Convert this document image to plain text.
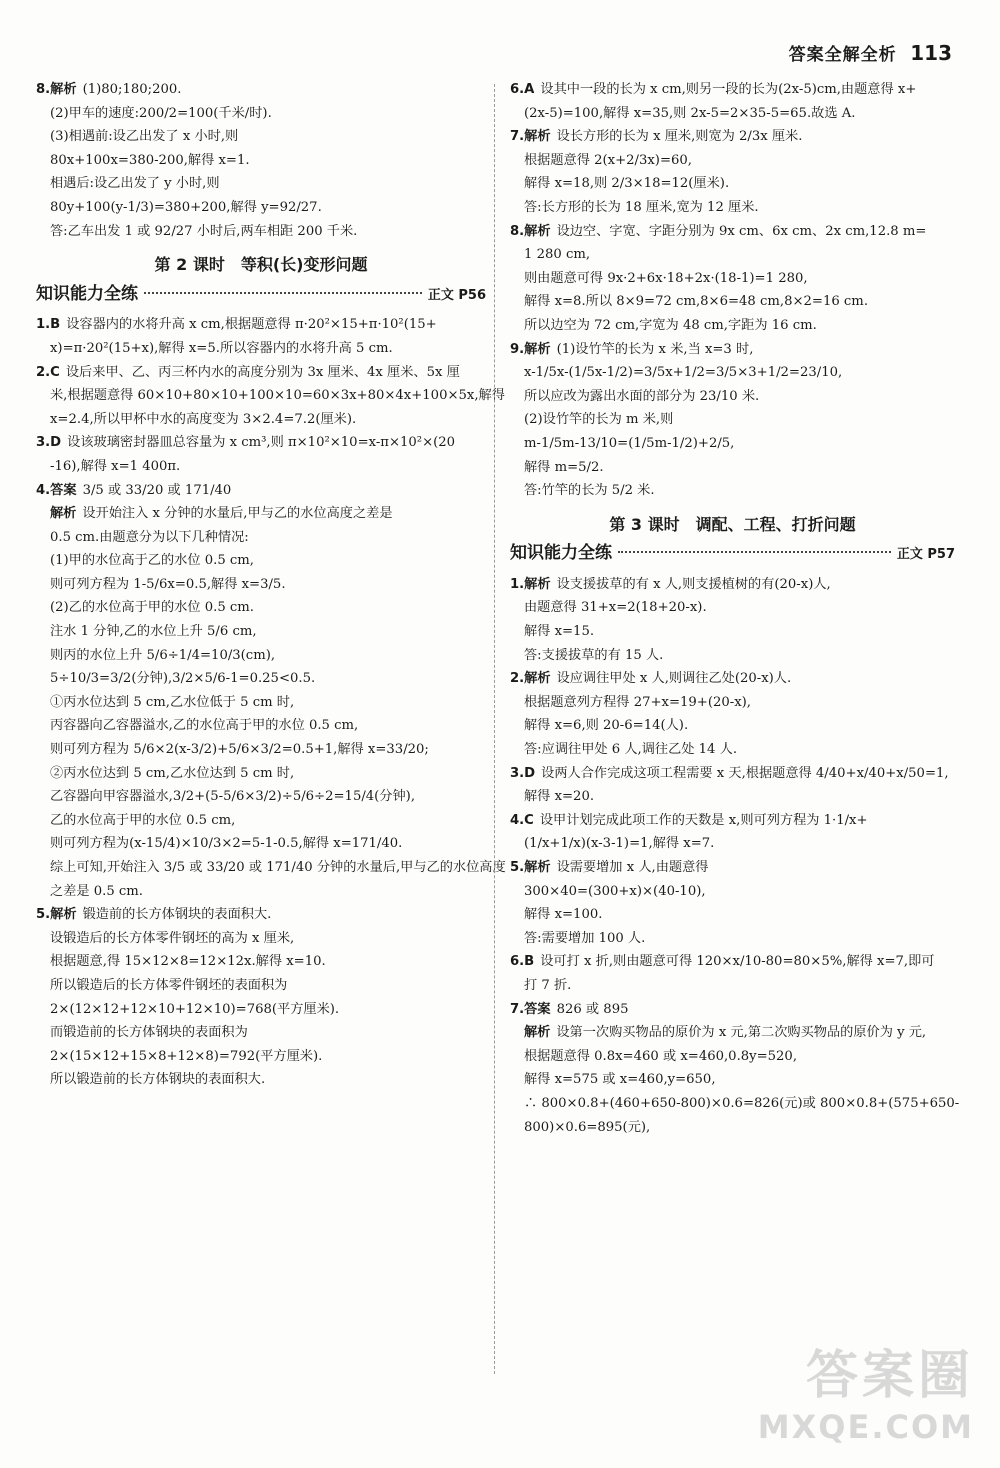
答案全解全析 113
8.解析 (1)80;180;200.
(2)甲车的速度:200/2=100(千米/时).
(3)相遇前:设乙出发了 x 小时,则
80x+100x=380-200,解得 x=1.
相遇后:设乙出发了 y 小时,则
80y+100(y-1/3)=380+200,解得 y=92/27.
答:乙车出发 1 或 92/27 小时后,两车相距 200 千米.
第 2 课时　等积(长)变形问题
知识能力全练	正文 P56
1.B 设容器内的水将升高 x cm,根据题意得 π·20²×15+π·10²(15+
x)=π·20²(15+x),解得 x=5.所以容器内的水将升高 5 cm.
2.C 设后来甲、乙、丙三杯内水的高度分别为 3x 厘米、4x 厘米、5x 厘
米,根据题意得 60×10+80×10+100×10=60×3x+80×4x+100×5x,解得
x=2.4,所以甲杯中水的高度变为 3×2.4=7.2(厘米).
3.D 设该玻璃密封器皿总容量为 x cm³,则 π×10²×10=x-π×10²×(20
-16),解得 x=1 400π.
4.答案 3/5 或 33/20 或 171/40
解析 设开始注入 x 分钟的水量后,甲与乙的水位高度之差是
0.5 cm.由题意分为以下几种情况:
(1)甲的水位高于乙的水位 0.5 cm,
则可列方程为 1-5/6x=0.5,解得 x=3/5.
(2)乙的水位高于甲的水位 0.5 cm.
注水 1 分钟,乙的水位上升 5/6 cm,
则丙的水位上升 5/6÷1/4=10/3(cm),
5÷10/3=3/2(分钟),3/2×5/6-1=0.25<0.5.
①丙水位达到 5 cm,乙水位低于 5 cm 时,
丙容器向乙容器溢水,乙的水位高于甲的水位 0.5 cm,
则可列方程为 5/6×2(x-3/2)+5/6×3/2=0.5+1,解得 x=33/20;
②丙水位达到 5 cm,乙水位达到 5 cm 时,
乙容器向甲容器溢水,3/2+(5-5/6×3/2)÷5/6÷2=15/4(分钟),
乙的水位高于甲的水位 0.5 cm,
则可列方程为(x-15/4)×10/3×2=5-1-0.5,解得 x=171/40.
综上可知,开始注入 3/5 或 33/20 或 171/40 分钟的水量后,甲与乙的水位高度
之差是 0.5 cm.
5.解析 锻造前的长方体钢块的表面积大.
设锻造后的长方体零件钢坯的高为 x 厘米,
根据题意,得 15×12×8=12×12x.解得 x=10.
所以锻造后的长方体零件钢坯的表面积为
2×(12×12+12×10+12×10)=768(平方厘米).
而锻造前的长方体钢块的表面积为
2×(15×12+15×8+12×8)=792(平方厘米).
所以锻造前的长方体钢块的表面积大.
6.A 设其中一段的长为 x cm,则另一段的长为(2x-5)cm,由题意得 x+
(2x-5)=100,解得 x=35,则 2x-5=2×35-5=65.故选 A.
7.解析 设长方形的长为 x 厘米,则宽为 2/3x 厘米.
根据题意得 2(x+2/3x)=60,
解得 x=18,则 2/3×18=12(厘米).
答:长方形的长为 18 厘米,宽为 12 厘米.
8.解析 设边空、字宽、字距分别为 9x cm、6x cm、2x cm,12.8 m=
1 280 cm,
则由题意可得 9x·2+6x·18+2x·(18-1)=1 280,
解得 x=8.所以 8×9=72 cm,8×6=48 cm,8×2=16 cm.
所以边空为 72 cm,字宽为 48 cm,字距为 16 cm.
9.解析 (1)设竹竿的长为 x 米,当 x=3 时,
x-1/5x-(1/5x-1/2)=3/5x+1/2=3/5×3+1/2=23/10,
所以应改为露出水面的部分为 23/10 米.
(2)设竹竿的长为 m 米,则
m-1/5m-13/10=(1/5m-1/2)+2/5,
解得 m=5/2.
答:竹竿的长为 5/2 米.
第 3 课时　调配、工程、打折问题
知识能力全练	正文 P57
1.解析 设支援拔草的有 x 人,则支援植树的有(20-x)人,
由题意得 31+x=2(18+20-x).
解得 x=15.
答:支援拔草的有 15 人.
2.解析 设应调往甲处 x 人,则调往乙处(20-x)人.
根据题意列方程得 27+x=19+(20-x),
解得 x=6,则 20-6=14(人).
答:应调往甲处 6 人,调往乙处 14 人.
3.D 设两人合作完成这项工程需要 x 天,根据题意得 4/40+x/40+x/50=1,
解得 x=20.
4.C 设甲计划完成此项工作的天数是 x,则可列方程为 1·1/x+
(1/x+1/x)(x-3-1)=1,解得 x=7.
5.解析 设需要增加 x 人,由题意得
300×40=(300+x)×(40-10),
解得 x=100.
答:需要增加 100 人.
6.B 设可打 x 折,则由题意可得 120×x/10-80=80×5%,解得 x=7,即可
打 7 折.
7.答案 826 或 895
解析 设第一次购买物品的原价为 x 元,第二次购买物品的原价为 y 元,
根据题意得 0.8x=460 或 x=460,0.8y=520,
解得 x=575 或 x=460,y=650,
∴ 800×0.8+(460+650-800)×0.6=826(元)或 800×0.8+(575+650-
800)×0.6=895(元),
答案圈
MXQE.COM
